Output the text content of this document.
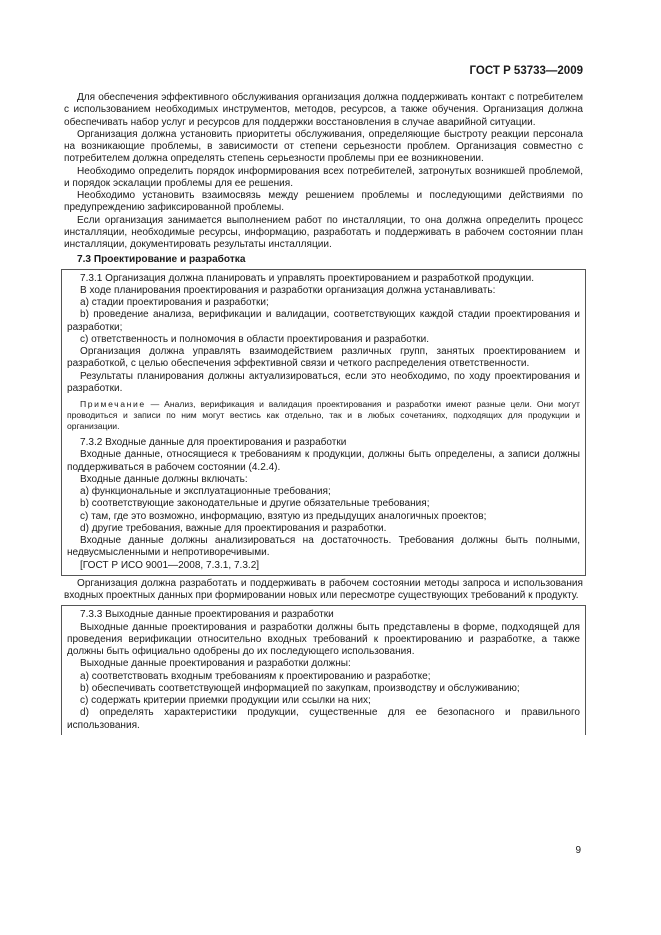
ГОСТ Р 53733—2009

Для обеспечения эффективного обслуживания организация должна поддерживать контакт с потребителем с использованием необходимых инструментов, методов, ресурсов, а также обучения. Организация должна обеспечивать набор услуг и ресурсов для поддержки восстановления в случае аварийной ситуации.

Организация должна установить приоритеты обслуживания, определяющие быстроту реакции персонала на возникающие проблемы, в зависимости от степени серьезности проблем. Организация совместно с потребителем должна определять степень серьезности проблемы при ее возникновении.

Необходимо определить порядок информирования всех потребителей, затронутых возникшей проблемой, и порядок эскалации проблемы для ее решения.

Необходимо установить взаимосвязь между решением проблемы и последующими действиями по предупреждению зафиксированной проблемы.

Если организация занимается выполнением работ по инсталляции, то она должна определить процесс инсталляции, необходимые ресурсы, информацию, разработать и поддерживать в рабочем состоянии план инсталляции, документировать результаты инсталляции.

7.3 Проектирование и разработка

7.3.1 Организация должна планировать и управлять проектированием и разработкой продукции.

В ходе планирования проектирования и разработки организация должна устанавливать:

a) стадии проектирования и разработки;

b) проведение анализа, верификации и валидации, соответствующих каждой стадии проектирования и разработки;

c) ответственность и полномочия в области проектирования и разработки.

Организация должна управлять взаимодействием различных групп, занятых проектированием и разработкой, с целью обеспечения эффективной связи и четкого распределения ответственности.

Результаты планирования должны актуализироваться, если это необходимо, по ходу проектирования и разработки.

Примечание — Анализ, верификация и валидация проектирования и разработки имеют разные цели. Они могут проводиться и записи по ним могут вестись как отдельно, так и в любых сочетаниях, подходящих для продукции и организации.

7.3.2 Входные данные для проектирования и разработки

Входные данные, относящиеся к требованиям к продукции, должны быть определены, а записи должны поддерживаться в рабочем состоянии (4.2.4).

Входные данные должны включать:

a) функциональные и эксплуатационные требования;

b) соответствующие законодательные и другие обязательные требования;

c) там, где это возможно, информацию, взятую из предыдущих аналогичных проектов;

d) другие требования, важные для проектирования и разработки.

Входные данные должны анализироваться на достаточность. Требования должны быть полными, недвусмысленными и непротиворечивыми.

[ГОСТ Р ИСО 9001—2008, 7.3.1, 7.3.2]

Организация должна разработать и поддерживать в рабочем состоянии методы запроса и использования входных проектных данных при формировании новых или пересмотре существующих требований к продукту.

7.3.3 Выходные данные проектирования и разработки

Выходные данные проектирования и разработки должны быть представлены в форме, подходящей для проведения верификации относительно входных требований к проектированию и разработке, а также должны быть официально одобрены до их последующего использования.

Выходные данные проектирования и разработки должны:

a) соответствовать входным требованиям к проектированию и разработке;

b) обеспечивать соответствующей информацией по закупкам, производству и обслуживанию;

c) содержать критерии приемки продукции или ссылки на них;

d) определять характеристики продукции, существенные для ее безопасного и правильного использования.

9
